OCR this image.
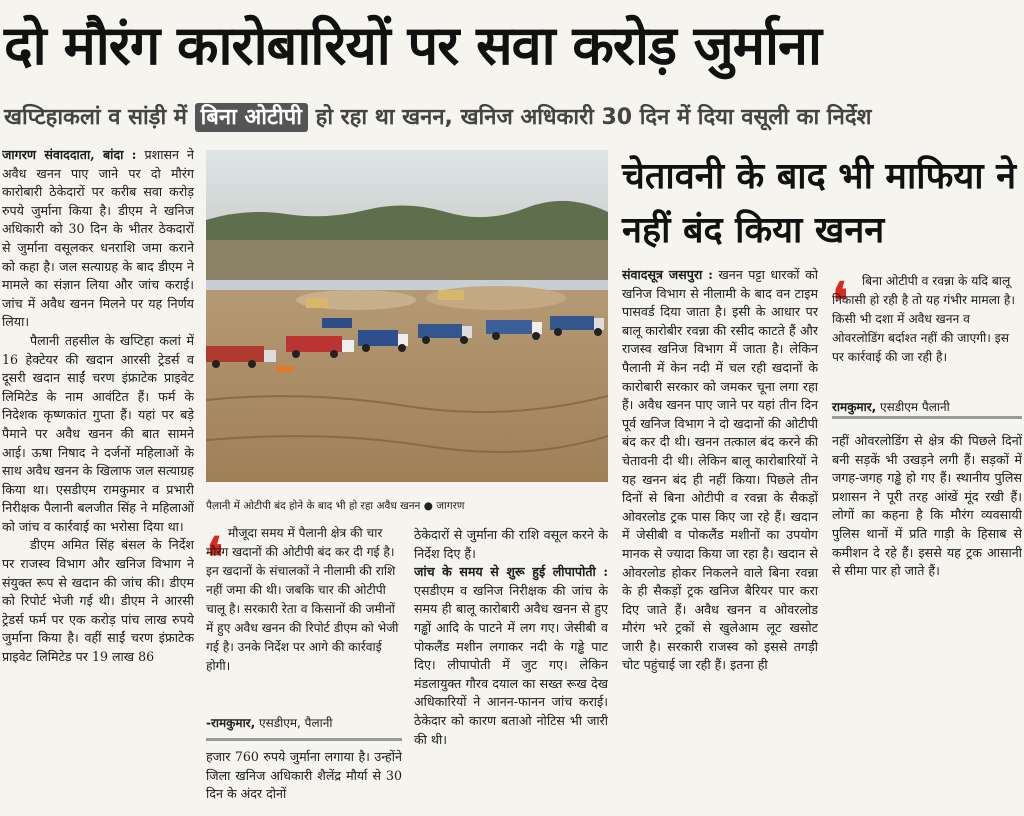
दो मौरंग कारोबारियों पर सवा करोड़ जुर्माना
खप्टिहाकलां व सांड़ी में बिना ओटीपी हो रहा था खनन, खनिज अधिकारी 30 दिन में दिया वसूली का निर्देश

जागरण संवाददाता, बांदा : प्रशासन ने अवैध खनन पाए जाने पर दो मौरंग कारोबारी ठेकेदारों पर करीब सवा करोड़ रुपये जुर्माना किया है। डीएम ने खनिज अधिकारी को 30 दिन के भीतर ठेकदारों से जुर्माना वसूलकर धनराशि जमा कराने को कहा है। जल सत्याग्रह के बाद डीएम ने मामले का संज्ञान लिया और जांच कराई। जांच में अवैध खनन मिलने पर यह निर्णय लिया।

पैलानी तहसील के खप्टिहा कलां में 16 हेक्टेयर की खदान आरसी ट्रेडर्स व दूसरी खदान साईं चरण इंफ्राटेक प्राइवेट लिमिटेड के नाम आवंटित हैं। फर्म के निदेशक कृष्णकांत गुप्ता हैं। यहां पर बड़े पैमाने पर अवैध खनन की बात सामने आई। ऊषा निषाद ने दर्जनों महिलाओं के साथ अवैध खनन के खिलाफ जल सत्याग्रह किया था। एसडीएम रामकुमार व प्रभारी निरीक्षक पैलानी बलजीत सिंह ने महिलाओं को जांच व कार्रवाई का भरोसा दिया था।

डीएम अमित सिंह बंसल के निर्देश पर राजस्व विभाग और खनिज विभाग ने संयुक्त रूप से खदान की जांच की। डीएम को रिपोर्ट भेजी गई थी। डीएम ने आरसी ट्रेडर्स फर्म पर एक करोड़ पांच लाख रुपये जुर्माना किया है। वहीं साईं चरण इंफ्राटेक प्राइवेट लिमिटेड पर 19 लाख 86

पैलानी में ओटीपी बंद होने के बाद भी हो रहा अवैध खनन ● जागरण
❛ मौजूदा समय में पैलानी क्षेत्र की चार मौरंग खदानों की ओटीपी बंद कर दी गई है। इन खदानों के संचालकों ने नीलामी की राशि नहीं जमा की थी। जबकि चार की ओटीपी चालू है। सरकारी रेता व किसानों की जमीनों में हुए अवैध खनन की रिपोर्ट डीएम को भेजी गई है। उनके निर्देश पर आगे की कार्रवाई होगी।
-रामकुमार, एसडीएम, पैलानी

हजार 760 रुपये जुर्माना लगाया है। उन्होंने जिला खनिज अधिकारी शैलेंद्र मौर्या से 30 दिन के अंदर दोनों

ठेकेदारों से जुर्माना की राशि वसूल करने के निर्देश दिए हैं।

जांच के समय से शुरू हुई लीपापोती : एसडीएम व खनिज निरीक्षक की जांच के समय ही बालू कारोबारी अवैध खनन से हुए गड्ढों आदि के पाटने में लग गए। जेसीबी व पोकलैंड मशीन लगाकर नदी के गड्ढे पाट दिए। लीपापोती में जुट गए। लेकिन मंडलायुक्त गौरव दयाल का सख्त रूख देख अधिकारियों ने आनन-फानन जांच कराई। ठेकेदार को कारण बताओ नोटिस भी जारी की थी।

चेतावनी के बाद भी माफिया ने नहीं बंद किया खनन

संवादसूत्र जसपुरा : खनन पट्टा धारकों को खनिज विभाग से नीलामी के बाद वन टाइम पासवर्ड दिया जाता है। इसी के आधार पर बालू कारोबीर रवन्ना की रसीद काटते हैं और राजस्व खनिज विभाग में जाता है। लेकिन पैलानी में केन नदी में चल रही खदानों के कारोबारी सरकार को जमकर चूना लगा रहा हैं। अवैध खनन पाए जाने पर यहां तीन दिन पूर्व खनिज विभाग ने दो खदानों की ओटीपी बंद कर दी थी। खनन तत्काल बंद करने की चेतावनी दी थी। लेकिन बालू कारोबारियों ने यह खनन बंद ही नहीं किया। पिछले तीन दिनों से बिना ओटीपी व रवन्ना के सैकड़ों ओवरलोड ट्रक पास किए जा रहे हैं। खदान में जेसीबी व पोकलैंड मशीनों का उपयोग मानक से ज्यादा किया जा रहा है। खदान से ओवरलोड होकर निकलने वाले बिना रवन्ना के ही सैकड़ों ट्रक खनिज बैरियर पार करा दिए जाते हैं। अवैध खनन व ओवरलोड मौरंग भरे ट्रकों से खुलेआम लूट खसोट जारी है। सरकारी राजस्व को इससे तगड़ी चोट पहुंचाई जा रही हैं। इतना ही

❛	बिना ओटीपी व रवन्ना के यदि बालू निकासी हो रही है तो यह गंभीर मामला है। किसी भी दशा में अवैध खनन व ओवरलोडिंग बर्दाश्त नहीं की जाएगी। इस पर कार्रवाई की जा रही है।
रामकुमार, एसडीएम पैलानी

नहीं ओवरलोडिंग से क्षेत्र की पिछले दिनों बनी सड़कें भी उखड़ने लगी हैं। सड़कों में जगह-जगह गड्ढे हो गए हैं। स्थानीय पुलिस प्रशासन ने पूरी तरह आंखें मूंद रखी हैं। लोगों का कहना है कि मौरंग व्यवसायी पुलिस थानों में प्रति गाड़ी के हिसाब से कमीशन दे रहे हैं। इससे यह ट्रक आसानी से सीमा पार हो जाते हैं।
